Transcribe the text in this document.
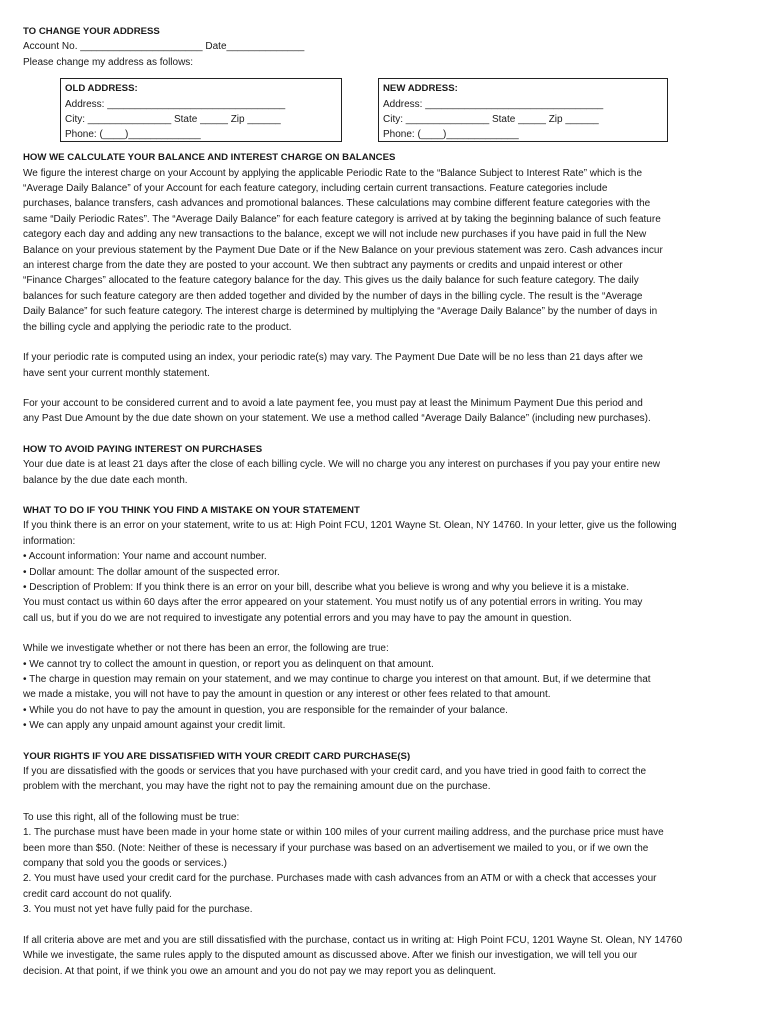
TO CHANGE YOUR ADDRESS
Account No. ______________________ Date______________
Please change my address as follows:
OLD ADDRESS:
Address: ________________________________
City: _______________ State _____ Zip ______
Phone: (____)_____________
NEW ADDRESS:
Address: ________________________________
City: _______________ State _____ Zip ______
Phone: (____)_____________
HOW WE CALCULATE YOUR BALANCE AND INTEREST CHARGE ON BALANCES
We figure the interest charge on your Account by applying the applicable Periodic Rate to the “Balance Subject to Interest Rate” which is the
“Average Daily Balance” of your Account for each feature category, including certain current transactions. Feature categories include
purchases, balance transfers, cash advances and promotional balances. These calculations may combine different feature categories with the
same “Daily Periodic Rates”. The “Average Daily Balance” for each feature category is arrived at by taking the beginning balance of such feature
category each day and adding any new transactions to the balance, except we will not include new purchases if you have paid in full the New
Balance on your previous statement by the Payment Due Date or if the New Balance on your previous statement was zero. Cash advances incur
an interest charge from the date they are posted to your account. We then subtract any payments or credits and unpaid interest or other
“Finance Charges” allocated to the feature category balance for the day. This gives us the daily balance for such feature category. The daily
balances for such feature category are then added together and divided by the number of days in the billing cycle. The result is the “Average
Daily Balance” for such feature category. The interest charge is determined by multiplying the “Average Daily Balance” by the number of days in
the billing cycle and applying the periodic rate to the product.
If your periodic rate is computed using an index, your periodic rate(s) may vary. The Payment Due Date will be no less than 21 days after we
have sent your current monthly statement.
For your account to be considered current and to avoid a late payment fee, you must pay at least the Minimum Payment Due this period and
any Past Due Amount by the due date shown on your statement. We use a method called “Average Daily Balance” (including new purchases).
HOW TO AVOID PAYING INTEREST ON PURCHASES
Your due date is at least 21 days after the close of each billing cycle. We will no charge you any interest on purchases if you pay your entire new
balance by the due date each month.
WHAT TO DO IF YOU THINK YOU FIND A MISTAKE ON YOUR STATEMENT
If you think there is an error on your statement, write to us at: High Point FCU, 1201 Wayne St. Olean, NY 14760. In your letter, give us the following
information:
• Account information: Your name and account number.
• Dollar amount: The dollar amount of the suspected error.
• Description of Problem: If you think there is an error on your bill, describe what you believe is wrong and why you believe it is a mistake.
You must contact us within 60 days after the error appeared on your statement. You must notify us of any potential errors in writing. You may
call us, but if you do we are not required to investigate any potential errors and you may have to pay the amount in question.
While we investigate whether or not there has been an error, the following are true:
• We cannot try to collect the amount in question, or report you as delinquent on that amount.
• The charge in question may remain on your statement, and we may continue to charge you interest on that amount. But, if we determine that
we made a mistake, you will not have to pay the amount in question or any interest or other fees related to that amount.
• While you do not have to pay the amount in question, you are responsible for the remainder of your balance.
• We can apply any unpaid amount against your credit limit.
YOUR RIGHTS IF YOU ARE DISSATISFIED WITH YOUR CREDIT CARD PURCHASE(S)
If you are dissatisfied with the goods or services that you have purchased with your credit card, and you have tried in good faith to correct the
problem with the merchant, you may have the right not to pay the remaining amount due on the purchase.
To use this right, all of the following must be true:
1. The purchase must have been made in your home state or within 100 miles of your current mailing address, and the purchase price must have
been more than $50. (Note: Neither of these is necessary if your purchase was based on an advertisement we mailed to you, or if we own the
company that sold you the goods or services.)
2. You must have used your credit card for the purchase. Purchases made with cash advances from an ATM or with a check that accesses your
credit card account do not qualify.
3. You must not yet have fully paid for the purchase.
If all criteria above are met and you are still dissatisfied with the purchase, contact us in writing at: High Point FCU, 1201 Wayne St. Olean, NY 14760
While we investigate, the same rules apply to the disputed amount as discussed above. After we finish our investigation, we will tell you our
decision. At that point, if we think you owe an amount and you do not pay we may report you as delinquent.
